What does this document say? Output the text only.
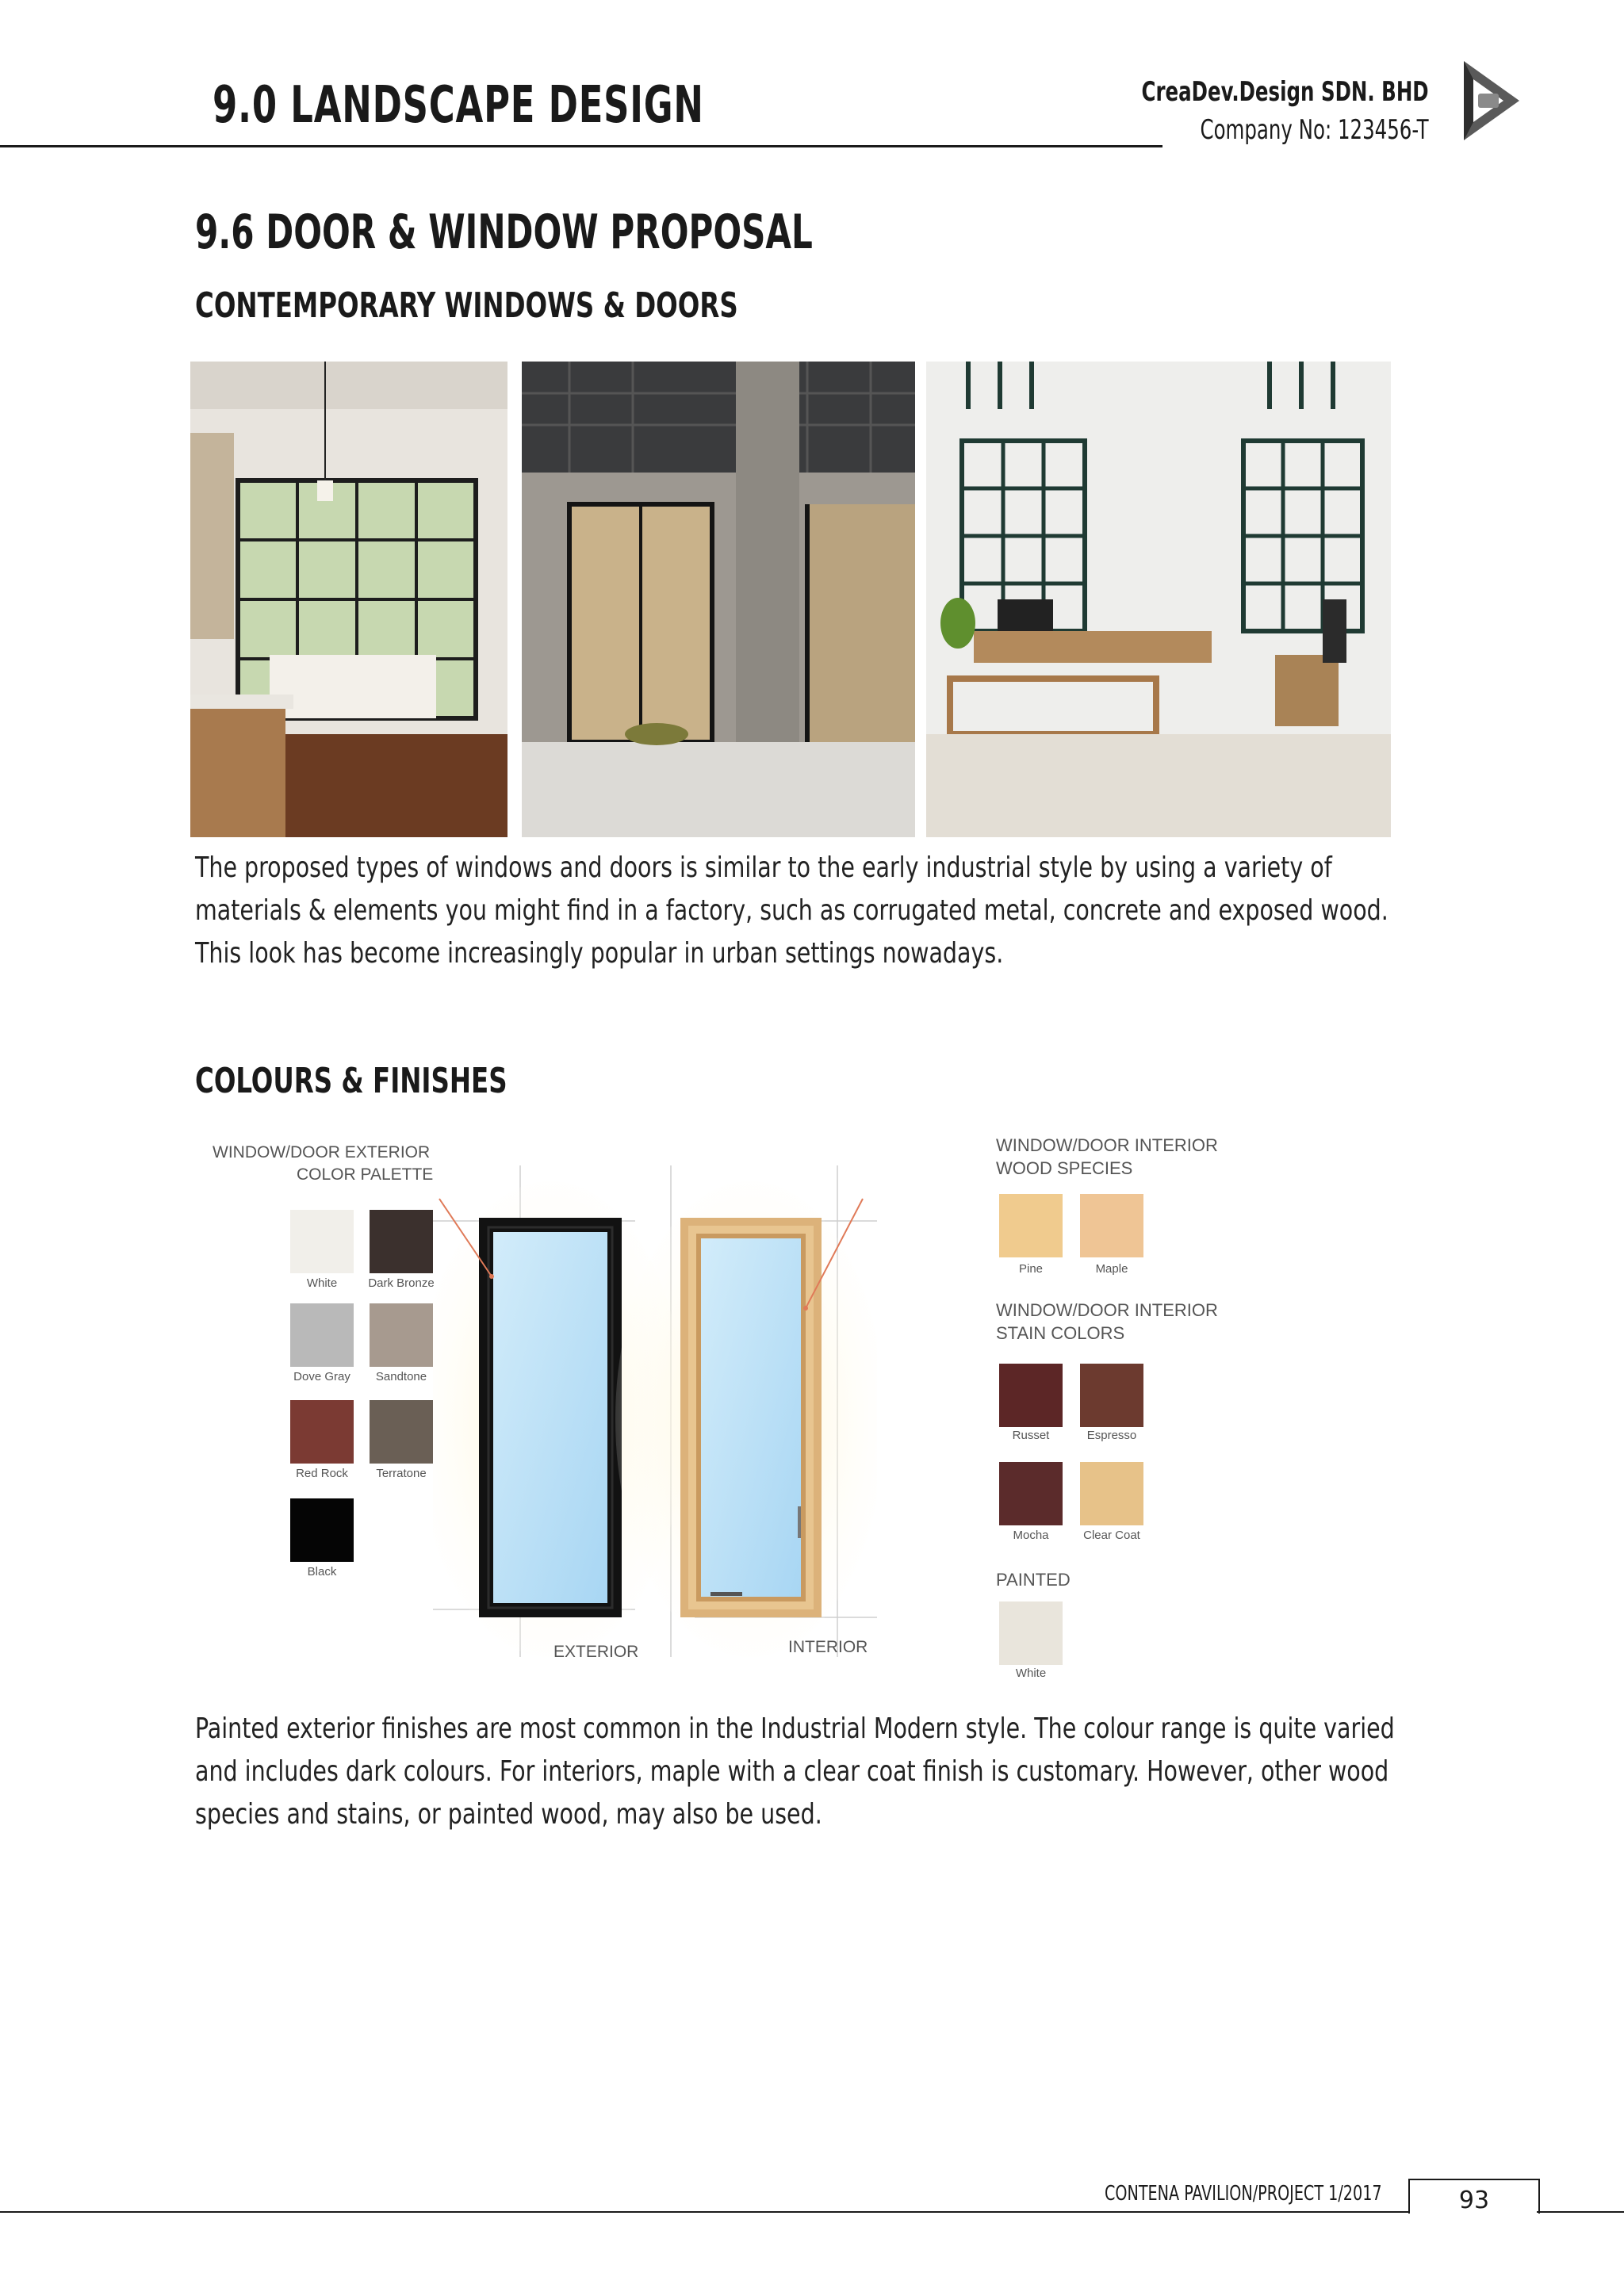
9.0 LANDSCAPE DESIGN	CreaDev.Design SDN. BHD
Company No: 123456-T
9.6 DOOR & WINDOW PROPOSAL
CONTEMPORARY WINDOWS & DOORS
The proposed types of windows and doors is similar to the early industrial style by using a variety of materials & elements you might find in a factory, such as corrugated metal, concrete and exposed wood. This look has become increasingly popular in urban settings nowadays.
COLOURS & FINISHES
WINDOW/DOOR EXTERIOR
COLOR PALETTE
White	Dark Bronze
Dove Gray	Sandtone
Red Rock	Terratone
Black
EXTERIOR	INTERIOR
WINDOW/DOOR INTERIOR
WOOD SPECIES
Pine	Maple
WINDOW/DOOR INTERIOR
STAIN COLORS
Russet	Espresso
Mocha	Clear Coat
PAINTED
White
Painted exterior finishes are most common in the Industrial Modern style. The colour range is quite varied and includes dark colours. For interiors, maple with a clear coat finish is customary. However, other wood species and stains, or painted wood, may also be used.
CONTENA PAVILION/PROJECT 1/2017	93
